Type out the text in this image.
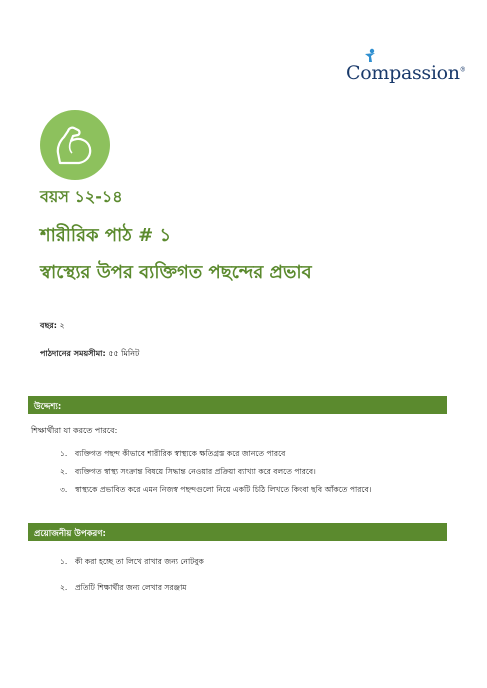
Compassion®
বয়স ১২-১৪
শারীরিক পাঠ # ১
স্বাস্থ্যের উপর ব্যক্তিগত পছন্দের প্রভাব
বছর: ২
পাঠদানের সময়সীমা: ৫৫ মিনিট
উদ্দেশ্য:
শিক্ষার্থীরা যা করতে পারবে:
১. ব্যক্তিগত পছন্দ কীভাবে শারীরিক স্বাস্থ্যকে ক্ষতিগ্রস্ত করে জানতে পারবে
২. ব্যক্তিগত স্বাস্থ্য সংক্রান্ত বিষয়ে সিদ্ধান্ত নেওয়ার প্রক্রিয়া ব্যাখ্যা করে বলতে পারবে।
৩. স্বাস্থ্যকে প্রভাবিত করে এমন নিজস্ব পছন্দগুলো নিয়ে একটি চিঠি লিখতে কিংবা ছবি আঁকতে পারবে।
প্রয়োজনীয় উপকরণ:
১. কী করা হচ্ছে তা লিখে রাখার জন্য নোটবুক
২. প্রতিটি শিক্ষার্থীর জন্য লেখার সরঞ্জাম
